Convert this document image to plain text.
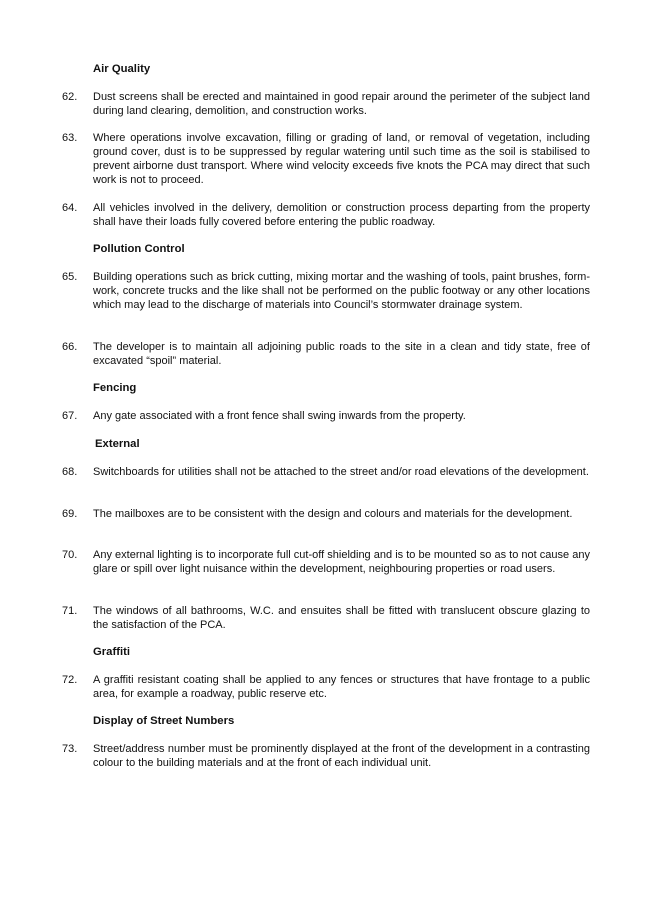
Air Quality
62.	Dust screens shall be erected and maintained in good repair around the perimeter of the subject land during land clearing, demolition, and construction works.
63.	Where operations involve excavation, filling or grading of land, or removal of vegetation, including ground cover, dust is to be suppressed by regular watering until such time as the soil is stabilised to prevent airborne dust transport. Where wind velocity exceeds five knots the PCA may direct that such work is not to proceed.
64.	All vehicles involved in the delivery, demolition or construction process departing from the property shall have their loads fully covered before entering the public roadway.
Pollution Control
65.	Building operations such as brick cutting, mixing mortar and the washing of tools, paint brushes, form-work, concrete trucks and the like shall not be performed on the public footway or any other locations which may lead to the discharge of materials into Council’s stormwater drainage system.
66.	The developer is to maintain all adjoining public roads to the site in a clean and tidy state, free of excavated “spoil” material.
Fencing
67.	Any gate associated with a front fence shall swing inwards from the property.
External
68.	Switchboards for utilities shall not be attached to the street and/or road elevations of the development.
69.	The mailboxes are to be consistent with the design and colours and materials for the development.
70.	Any external lighting is to incorporate full cut-off shielding and is to be mounted so as to not cause any glare or spill over light nuisance within the development, neighbouring properties or road users.
71.	The windows of all bathrooms, W.C. and ensuites shall be fitted with translucent obscure glazing to the satisfaction of the PCA.
Graffiti
72.	A graffiti resistant coating shall be applied to any fences or structures that have frontage to a public area, for example a roadway, public reserve etc.
Display of Street Numbers
73.	Street/address number must be prominently displayed at the front of the development in a contrasting colour to the building materials and at the front of each individual unit.
